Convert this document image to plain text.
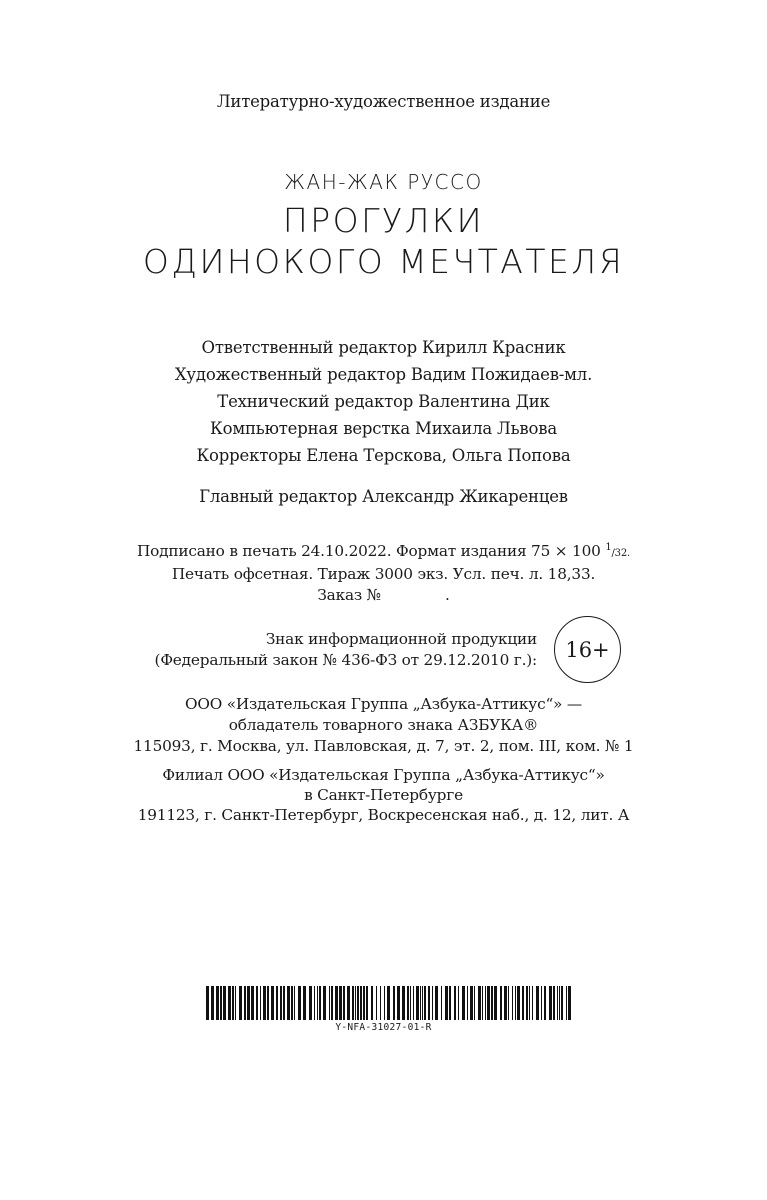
Литературно-художественное издание
ЖАН-ЖАК РУССО
ПРОГУЛКИ
ОДИНОКОГО МЕЧТАТЕЛЯ
Ответственный редактор Кирилл Красник
Художественный редактор Вадим Пожидаев-мл.
Технический редактор Валентина Дик
Компьютерная верстка Михаила Львова
Корректоры Елена Терскова, Ольга Попова
Главный редактор Александр Жикаренцев
Подписано в печать 24.10.2022. Формат издания 75 × 100 $^1$/32.
Печать офсетная. Тираж 3000 экз. Усл. печ. л. 18,33.
Заказ №	.
Знак информационной продукции
(Федеральный закон № 436-ФЗ от 29.12.2010 г.):	16+
ООО «Издательская Группа „Азбука-Аттикус“» —
обладатель товарного знака АЗБУКА®
115093, г. Москва, ул. Павловская, д. 7, эт. 2, пом. III, ком. № 1
Филиал ООО «Издательская Группа „Азбука-Аттикус“»
в Санкт-Петербурге
191123, г. Санкт-Петербург, Воскресенская наб., д. 12, лит. А
Y-NFA-31027-01-R
